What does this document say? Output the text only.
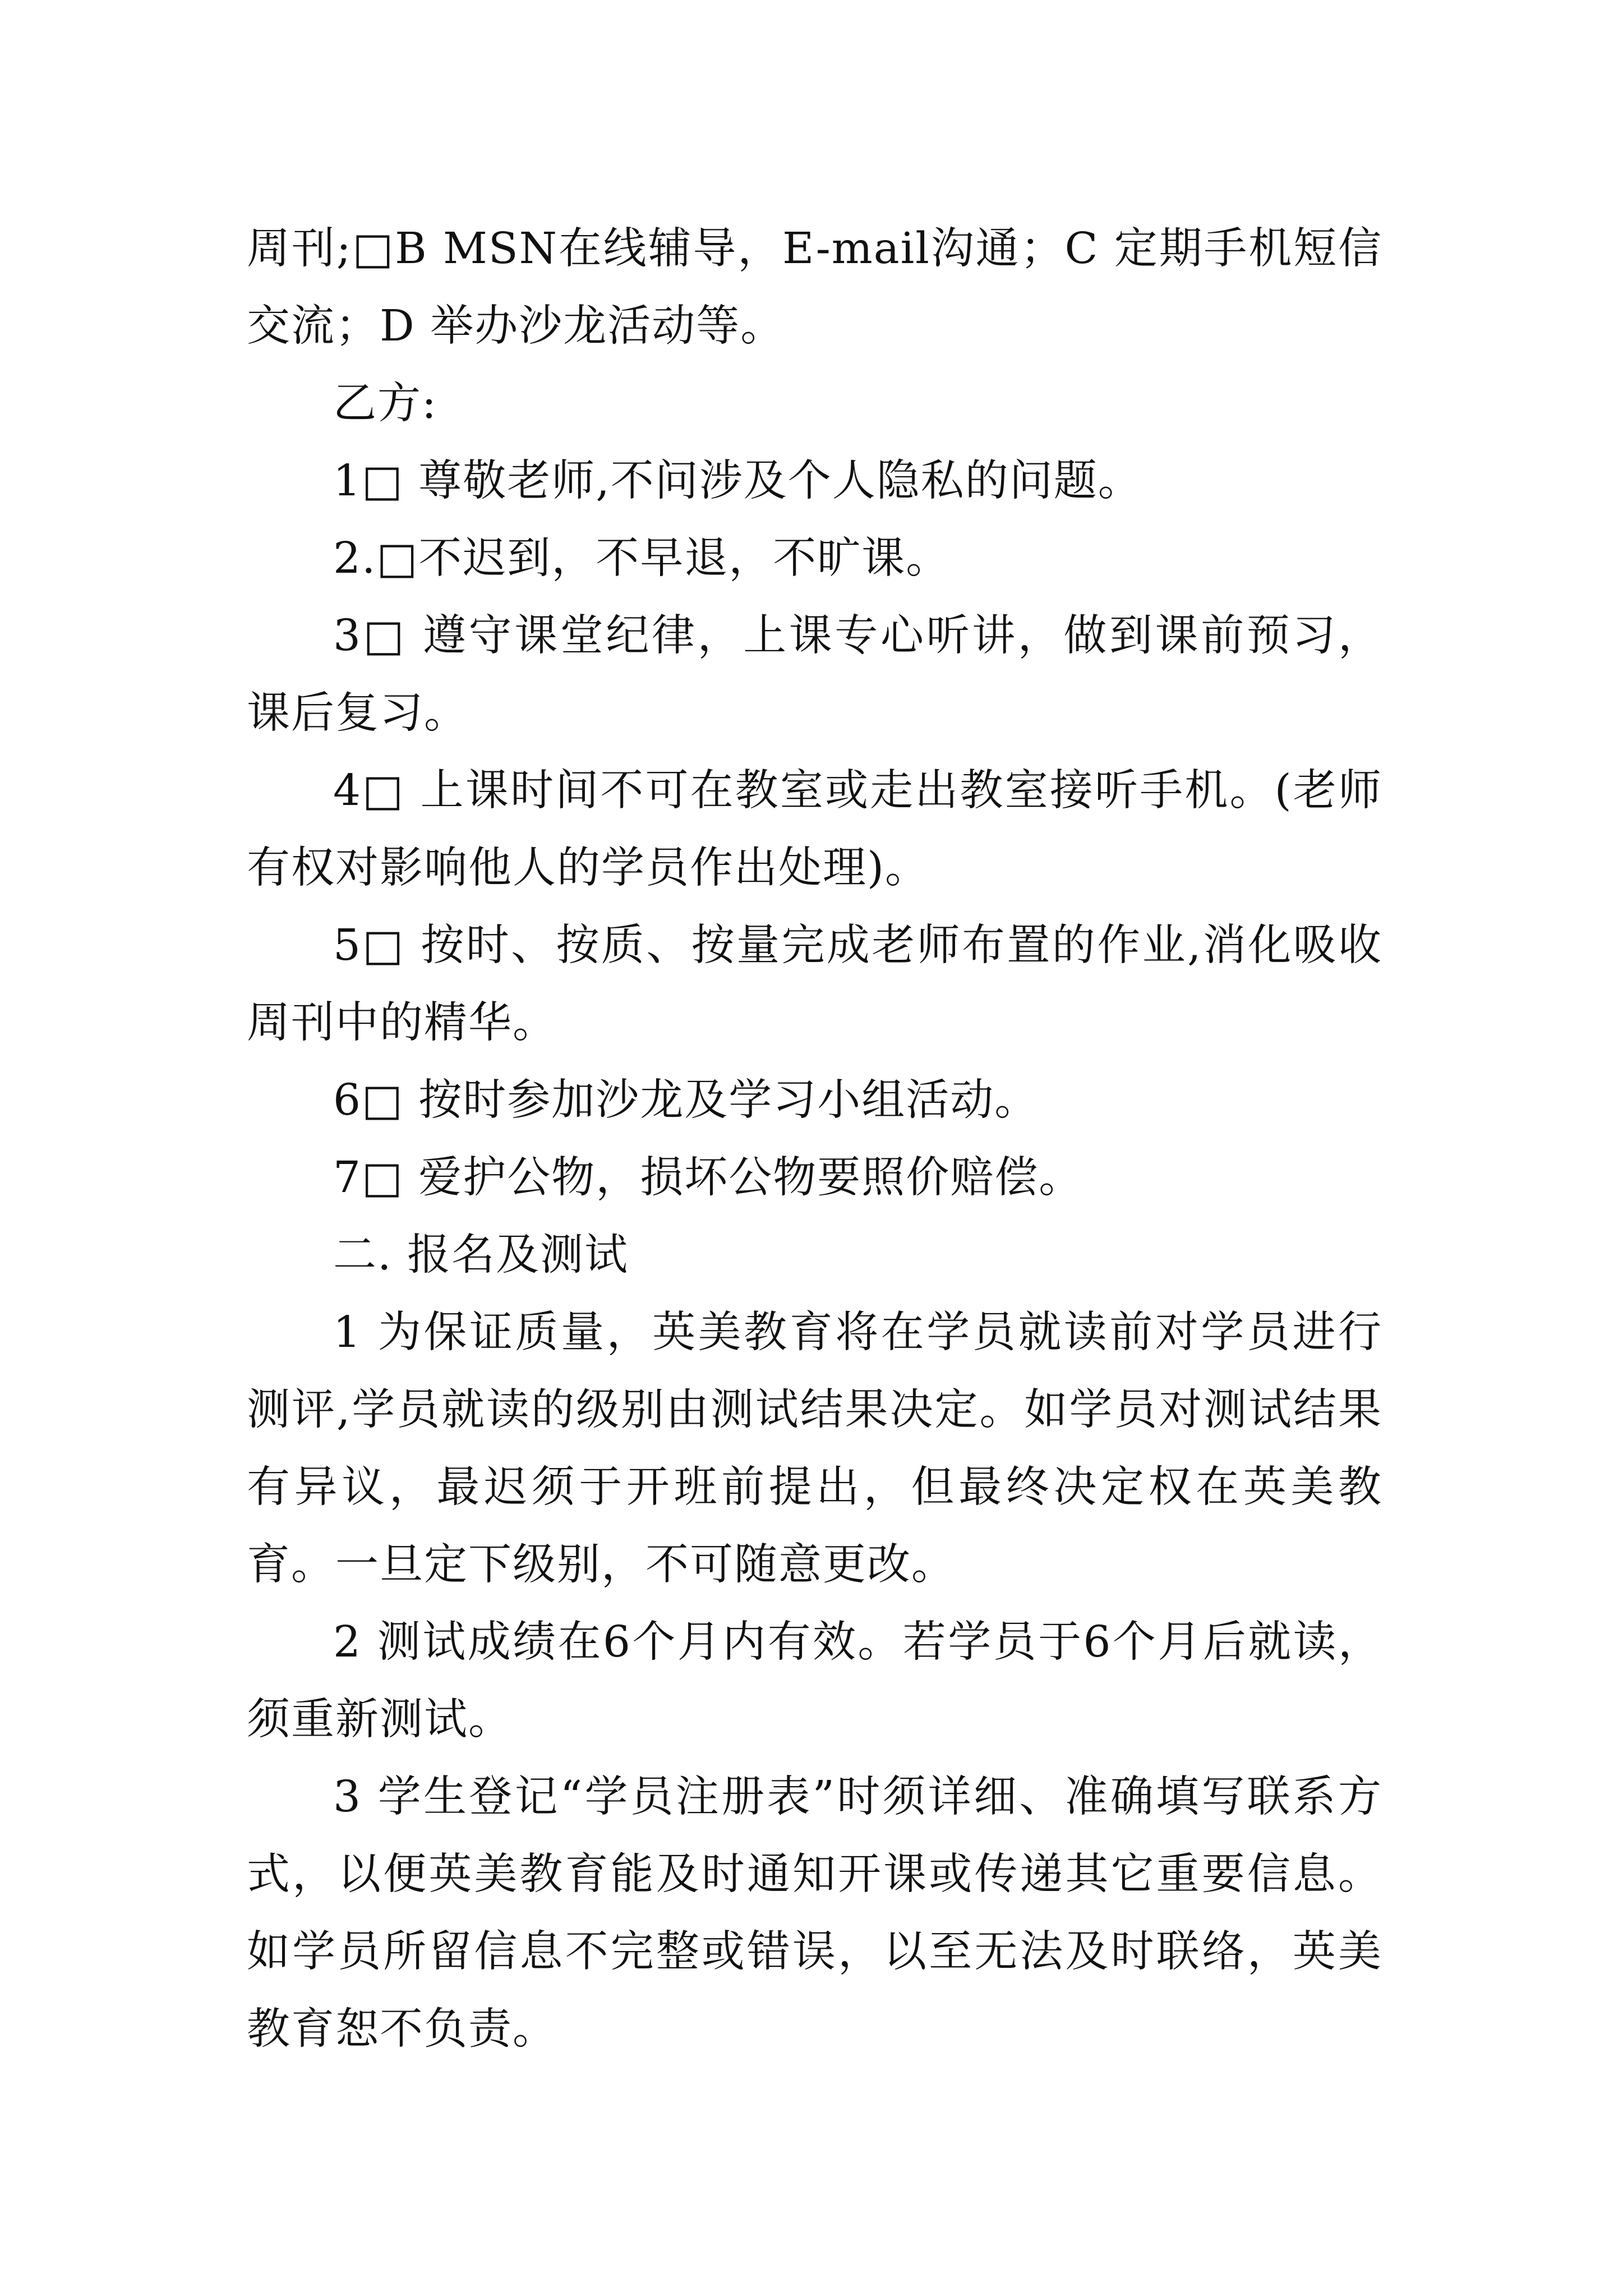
周刊;□B MSN在线辅导，E-mail沟通；C 定期手机短信交流；D 举办沙龙活动等。

乙方:

1□ 尊敬老师,不问涉及个人隐私的问题。

2.□不迟到，不早退，不旷课。

3□ 遵守课堂纪律，上课专心听讲，做到课前预习，课后复习。

4□ 上课时间不可在教室或走出教室接听手机。(老师有权对影响他人的学员作出处理)。

5□ 按时、按质、按量完成老师布置的作业,消化吸收周刊中的精华。

6□ 按时参加沙龙及学习小组活动。

7□ 爱护公物，损坏公物要照价赔偿。

二. 报名及测试

1 为保证质量，英美教育将在学员就读前对学员进行测评,学员就读的级别由测试结果决定。如学员对测试结果有异议，最迟须于开班前提出，但最终决定权在英美教育。一旦定下级别，不可随意更改。

2 测试成绩在6个月内有效。若学员于6个月后就读，须重新测试。

3 学生登记“学员注册表”时须详细、准确填写联系方式，以便英美教育能及时通知开课或传递其它重要信息。如学员所留信息不完整或错误，以至无法及时联络，英美教育恕不负责。
